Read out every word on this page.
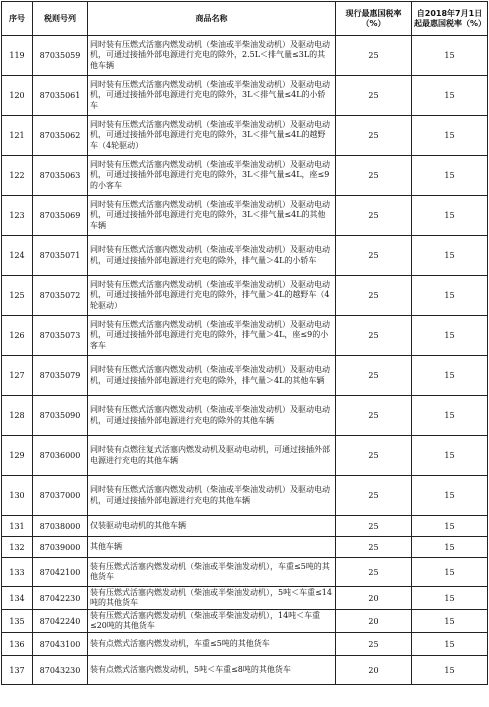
序号	税则号列	商品名称	现行最惠国税率（%）	自2018年7月1日起最惠国税率（%）
119	87035059	同时装有压燃式活塞内燃发动机（柴油或半柴油发动机）及驱动电动机，可通过接插外部电源进行充电的除外，2.5L＜排气量≤3L的其他车辆	25	15
120	87035061	同时装有压燃式活塞内燃发动机（柴油或半柴油发动机）及驱动电动机，可通过接插外部电源进行充电的除外，3L＜排气量≤4L的小轿车	25	15
121	87035062	同时装有压燃式活塞内燃发动机（柴油或半柴油发动机）及驱动电动机，可通过接插外部电源进行充电的除外，3L＜排气量≤4L的越野车（4轮驱动）	25	15
122	87035063	同时装有压燃式活塞内燃发动机（柴油或半柴油发动机）及驱动电动机，可通过接插外部电源进行充电的除外，3L＜排气量≤4L，座≤9的小客车	25	15
123	87035069	同时装有压燃式活塞内燃发动机（柴油或半柴油发动机）及驱动电动机，可通过接插外部电源进行充电的除外，3L＜排气量≤4L的其他车辆	25	15
124	87035071	同时装有压燃式活塞内燃发动机（柴油或半柴油发动机）及驱动电动机，可通过接插外部电源进行充电的除外，排气量＞4L的小轿车	25	15
125	87035072	同时装有压燃式活塞内燃发动机（柴油或半柴油发动机）及驱动电动机，可通过接插外部电源进行充电的除外，排气量＞4L的越野车（4轮驱动）	25	15
126	87035073	同时装有压燃式活塞内燃发动机（柴油或半柴油发动机）及驱动电动机，可通过接插外部电源进行充电的除外，排气量＞4L，座≤9的小客车	25	15
127	87035079	同时装有压燃式活塞内燃发动机（柴油或半柴油发动机）及驱动电动机，可通过接插外部电源进行充电的除外，排气量＞4L的其他车辆	25	15
128	87035090	同时装有压燃式活塞内燃发动机（柴油或半柴油发动机）及驱动电动机，可通过接插外部电源进行充电的除外的其他车辆	25	15
129	87036000	同时装有点燃往复式活塞内燃发动机及驱动电动机，可通过接插外部电源进行充电的其他车辆	25	15
130	87037000	同时装有压燃式活塞内燃发动机（柴油或半柴油发动机）及驱动电动机，可通过接插外部电源进行充电的其他车辆	25	15
131	87038000	仅装驱动电动机的其他车辆	25	15
132	87039000	其他车辆	25	15
133	87042100	装有压燃式活塞内燃发动机（柴油或半柴油发动机），车重≤5吨的其他货车	25	15
134	87042230	装有压燃式活塞内燃发动机（柴油或半柴油发动机），5吨＜车重≤14吨的其他货车	20	15
135	87042240	装有压燃式活塞内燃发动机（柴油或半柴油发动机），14吨＜车重≤20吨的其他货车	20	15
136	87043100	装有点燃式活塞内燃发动机，车重≤5吨的其他货车	25	15
137	87043230	装有点燃式活塞内燃发动机，5吨＜车重≤8吨的其他货车	20	15
